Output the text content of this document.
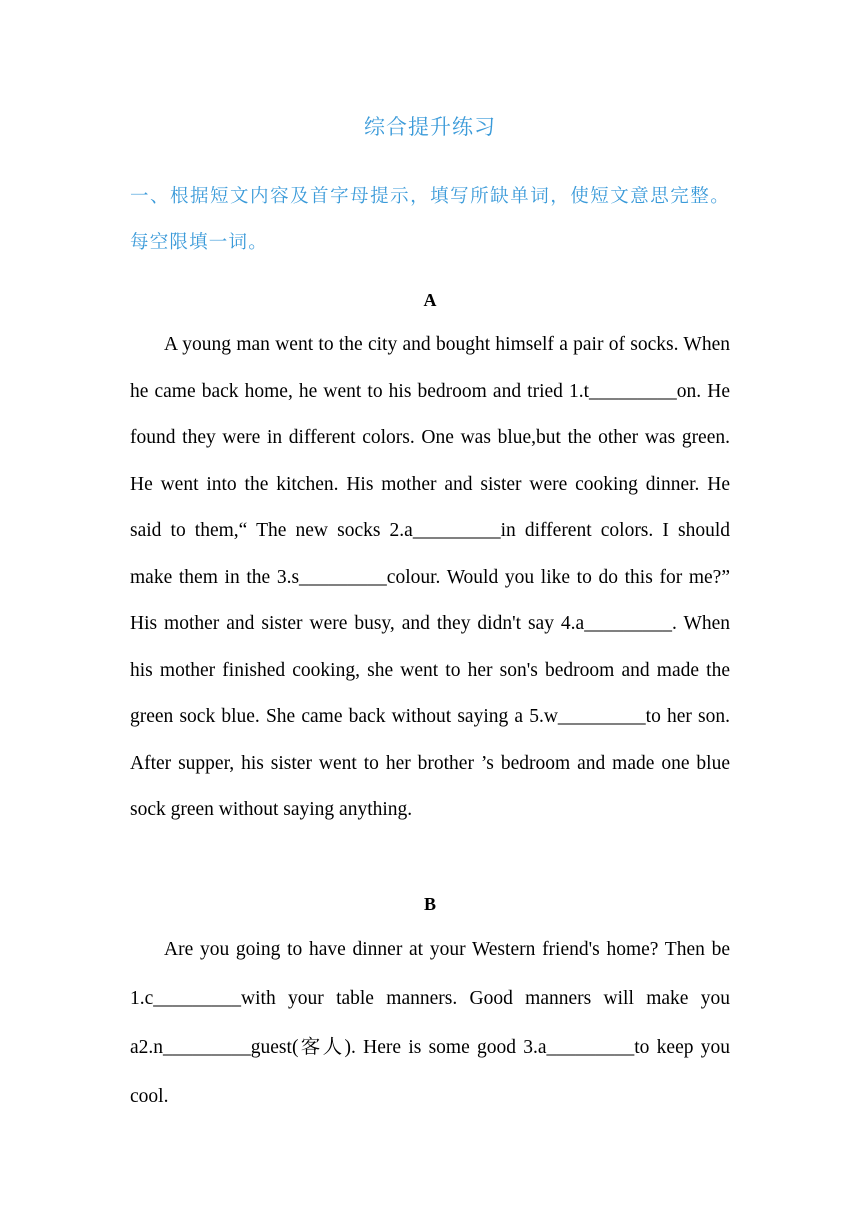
综合提升练习
一、根据短文内容及首字母提示，填写所缺单词，使短文意思完整。每空限填一词。
A

A young man went to the city and bought himself a pair of socks. When he came back home, he went to his bedroom and tried 1.t_________on. He found they were in different colors. One was blue,but the other was green. He went into the kitchen. His mother and sister were cooking dinner. He said to them,“ The new socks 2.a_________in different colors. I should make them in the 3.s_________colour. Would you like to do this for me?” His mother and sister were busy, and they didn't say 4.a_________. When his mother finished cooking, she went to her son's bedroom and made the green sock blue. She came back without saying a 5.w_________to her son. After supper, his sister went to her brother ’s bedroom and made one blue sock green without saying anything.

B

Are you going to have dinner at your Western friend's home? Then be 1.c_________with your table manners. Good manners will make you a2.n_________guest(客人). Here is some good 3.a_________to keep you cool.
